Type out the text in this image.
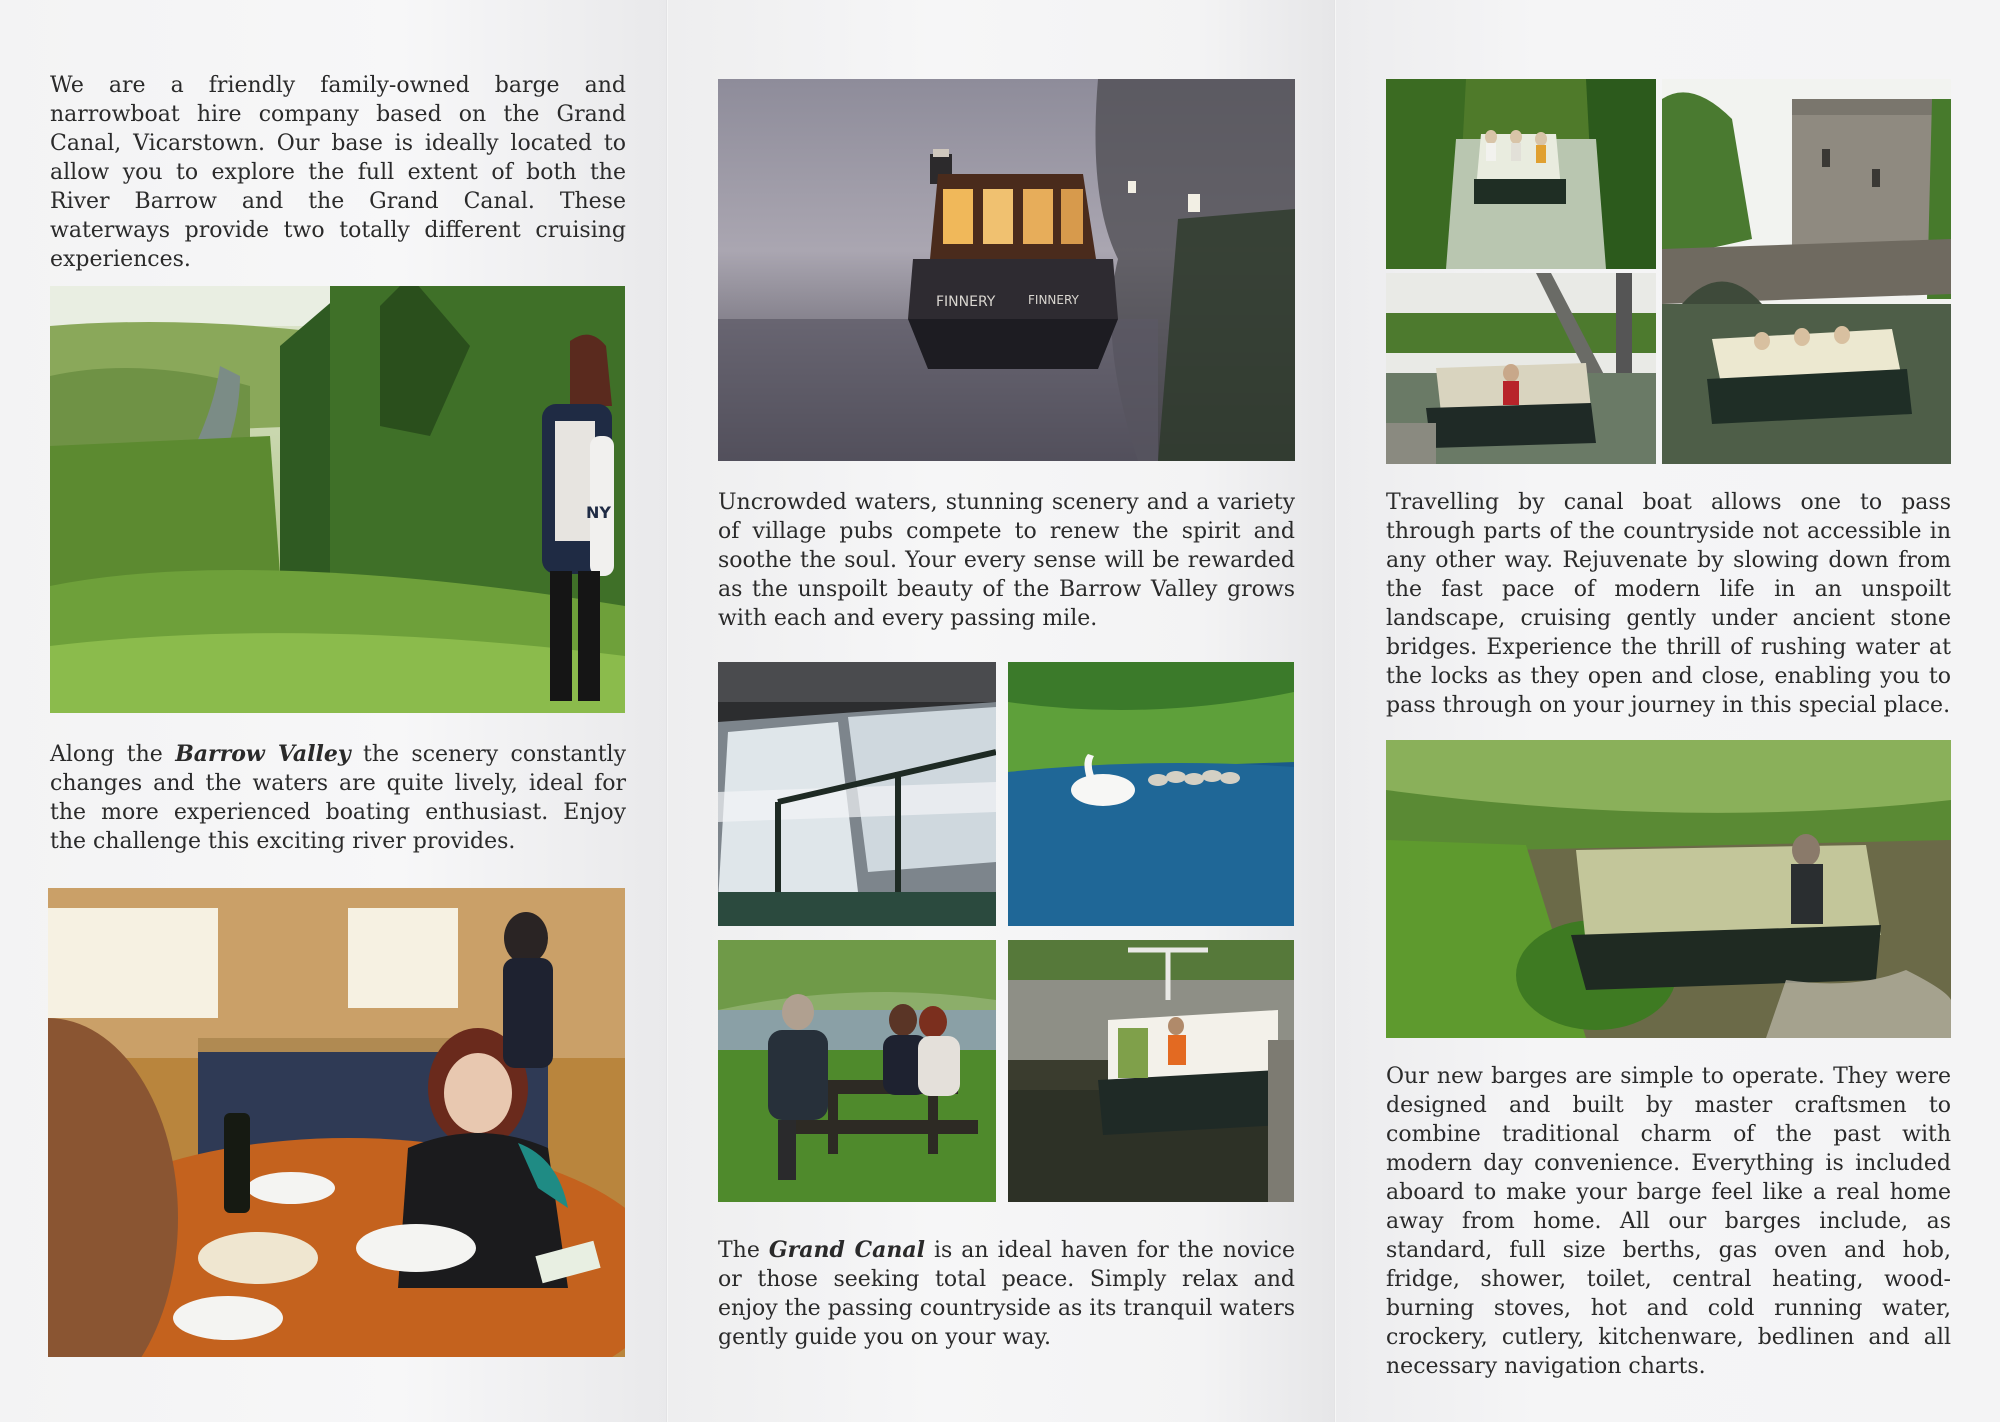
We are a friendly family-owned barge and narrowboat hire company based on the Grand Canal, Vicarstown. Our base is ideally located to allow you to explore the full extent of both the River Barrow and the Grand Canal. These waterways provide two totally different cruising experiences.

NY

Along the Barrow Valley the scenery constantly changes and the waters are quite lively, ideal for the more experienced boating enthusiast. Enjoy the challenge this exciting river provides.

FINNERY	FINNERY

Uncrowded waters, stunning scenery and a variety of village pubs compete to renew the spirit and soothe the soul. Your every sense will be rewarded as the unspoilt beauty of the Barrow Valley grows with each and every passing mile.

The Grand Canal is an ideal haven for the novice or those seeking total peace. Simply relax and enjoy the passing countryside as its tranquil waters gently guide you on your way.

Travelling by canal boat allows one to pass through parts of the countryside not accessible in any other way. Rejuvenate by slowing down from the fast pace of modern life in an unspoilt landscape, cruising gently under ancient stone bridges. Experience the thrill of rushing water at the locks as they open and close, enabling you to pass through on your journey in this special place.

Our new barges are simple to operate. They were designed and built by master craftsmen to combine traditional charm of the past with modern day convenience. Everything is included aboard to make your barge feel like a real home away from home. All our barges include, as standard, full size berths, gas oven and hob, fridge, shower, toilet, central heating, wood-burning stoves, hot and cold running water, crockery, cutlery, kitchenware, bedlinen and all necessary navigation charts.
